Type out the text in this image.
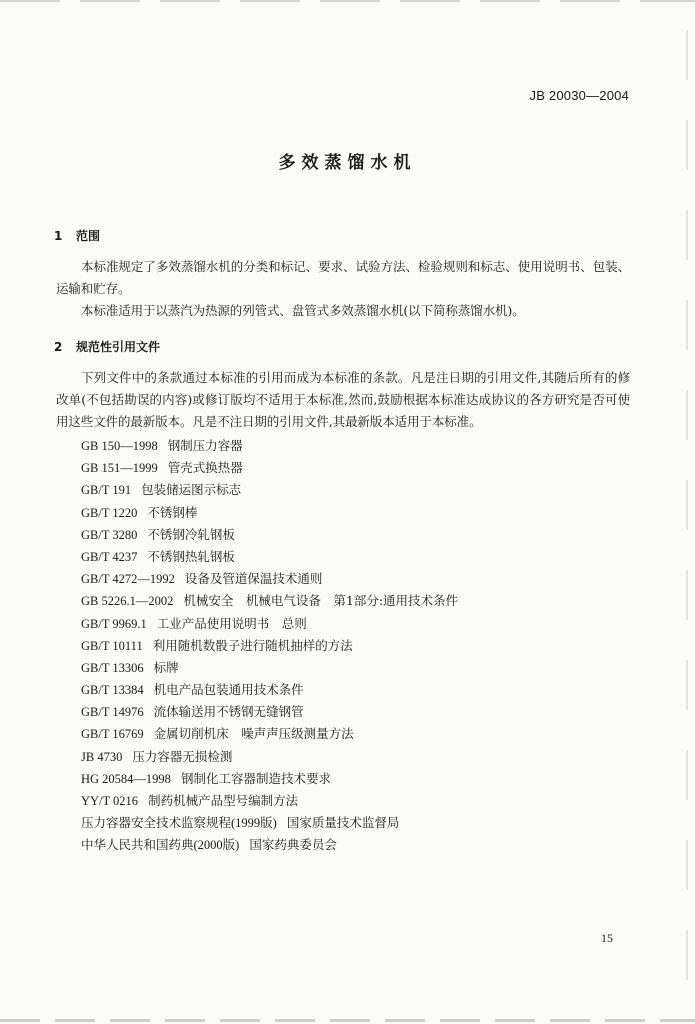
JB 20030—2004
多效蒸馏水机
1 范围

本标准规定了多效蒸馏水机的分类和标记、要求、试验方法、检验规则和标志、使用说明书、包装、运输和贮存。

本标准适用于以蒸汽为热源的列管式、盘管式多效蒸馏水机(以下简称蒸馏水机)。

2 规范性引用文件

下列文件中的条款通过本标准的引用而成为本标准的条款。凡是注日期的引用文件,其随后所有的修改单(不包括勘误的内容)或修订版均不适用于本标准,然而,鼓励根据本标准达成协议的各方研究是否可使用这些文件的最新版本。凡是不注日期的引用文件,其最新版本适用于本标准。

GB 150—1998 钢制压力容器
GB 151—1999 管壳式换热器
GB/T 191 包装储运图示标志
GB/T 1220 不锈钢棒
GB/T 3280 不锈钢冷轧钢板
GB/T 4237 不锈钢热轧钢板
GB/T 4272—1992 设备及管道保温技术通则
GB 5226.1—2002 机械安全　机械电气设备　第1部分:通用技术条件
GB/T 9969.1 工业产品使用说明书　总则
GB/T 10111 利用随机数骰子进行随机抽样的方法
GB/T 13306 标牌
GB/T 13384 机电产品包装通用技术条件
GB/T 14976 流体输送用不锈钢无缝钢管
GB/T 16769 金属切削机床　噪声声压级测量方法
JB 4730 压力容器无损检测
HG 20584—1998 钢制化工容器制造技术要求
YY/T 0216 制药机械产品型号编制方法
压力容器安全技术监察规程(1999版) 国家质量技术监督局
中华人民共和国药典(2000版) 国家药典委员会
15
